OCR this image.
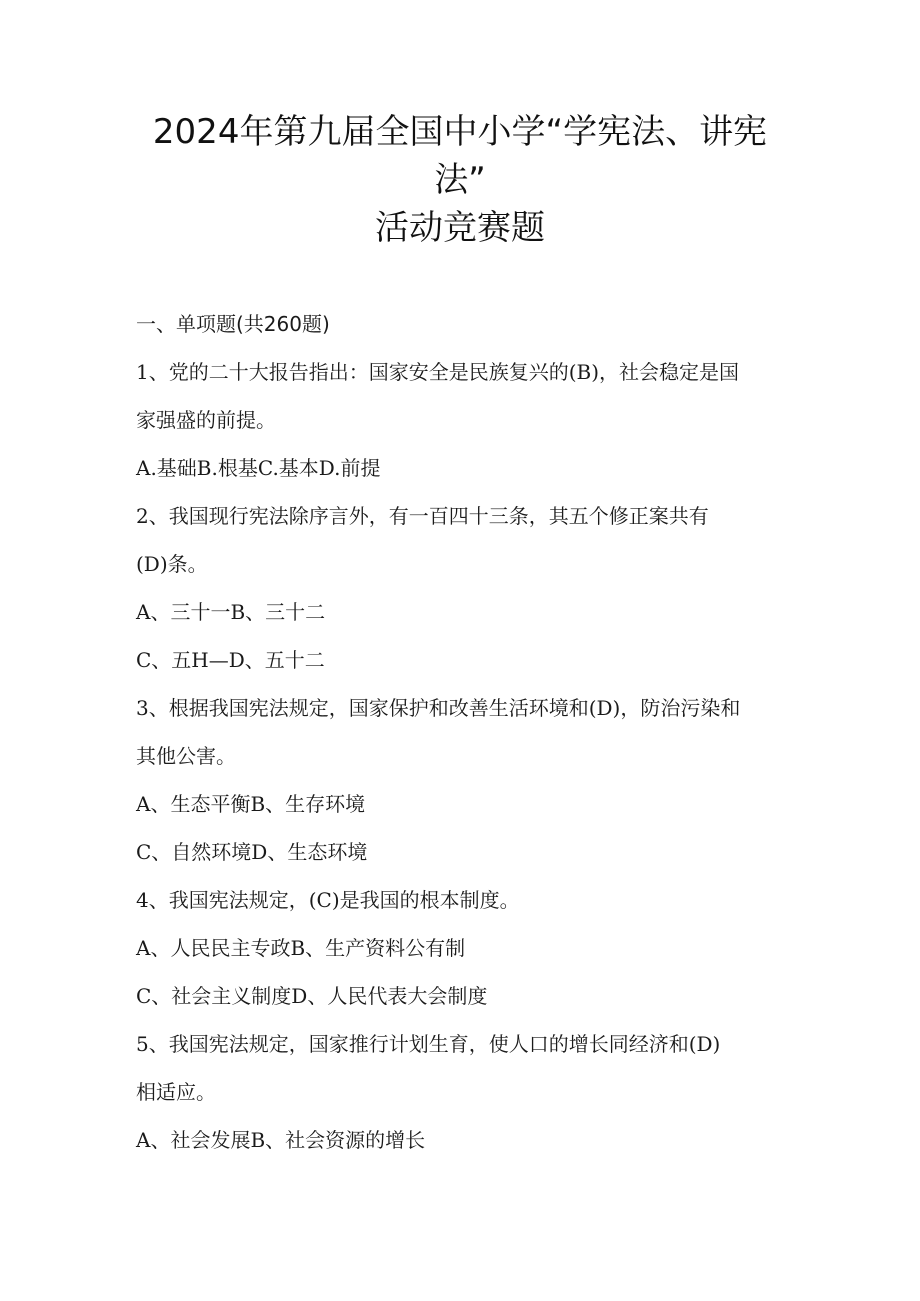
2024年第九届全国中小学“学宪法、讲宪
法”
活动竞赛题

一、单项题(共260题)

1、党的二十大报告指出：国家安全是民族复兴的(B)，社会稳定是国

家强盛的前提。

A.基础B.根基C.基本D.前提

2、我国现行宪法除序言外，有一百四十三条，其五个修正案共有

(D)条。

A、三十一B、三十二

C、五H—D、五十二

3、根据我国宪法规定，国家保护和改善生活环境和(D)，防治污染和

其他公害。

A、生态平衡B、生存环境

C、自然环境D、生态环境

4、我国宪法规定，(C)是我国的根本制度。

A、人民民主专政B、生产资料公有制

C、社会主义制度D、人民代表大会制度

5、我国宪法规定，国家推行计划生育，使人口的增长同经济和(D)

相适应。

A、社会发展B、社会资源的增长
